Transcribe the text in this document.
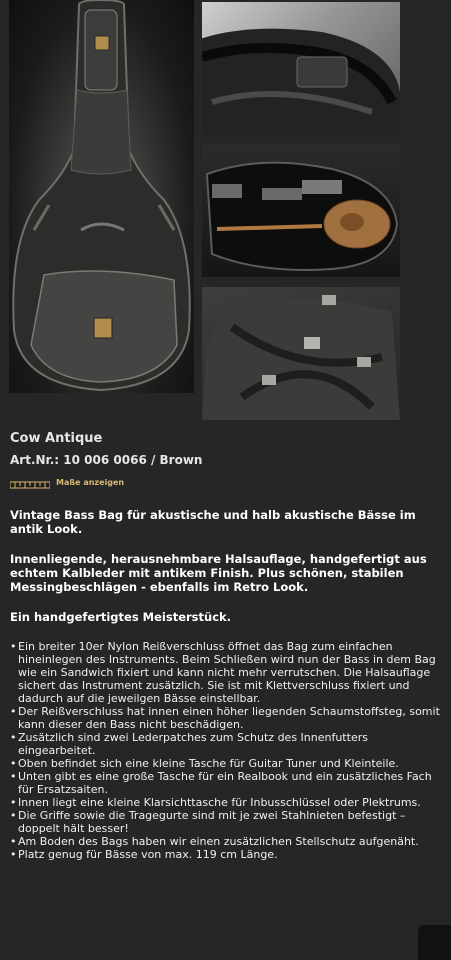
Cow Antique
Art.Nr.: 10 006 0066 / Brown
Maße anzeigen

Vintage Bass Bag für akustische und halb akustische Bässe im antik Look.

Innenliegende, herausnehmbare Halsauflage, handgefertigt aus echtem Kalbleder mit antikem Finish. Plus schönen, stabilen Messingbeschlägen - ebenfalls im Retro Look.

Ein handgefertigtes Meisterstück.

• Ein breiter 10er Nylon Reißverschluss öffnet das Bag zum einfachen hineinlegen des Instruments. Beim Schließen wird nun der Bass in dem Bag wie ein Sandwich fixiert und kann nicht mehr verrutschen. Die Halsauflage sichert das Instrument zusätzlich. Sie ist mit Klettverschluss fixiert und dadurch auf die jeweilgen Bässe einstellbar.
• Der Reißverschluss hat innen einen höher liegenden Schaumstoffsteg, somit kann dieser den Bass nicht beschädigen.
• Zusätzlich sind zwei Lederpatches zum Schutz des Innenfutters eingearbeitet.
• Oben befindet sich eine kleine Tasche für Guitar Tuner und Kleinteile.
• Unten gibt es eine große Tasche für ein Realbook und ein zusätzliches Fach für Ersatzsaiten.
• Innen liegt eine kleine Klarsichttasche für Inbusschlüssel oder Plektrums.
• Die Griffe sowie die Tragegurte sind mit je zwei Stahlnieten befestigt – doppelt hält besser!
• Am Boden des Bags haben wir einen zusätzlichen Stellschutz aufgenäht.
• Platz genug für Bässe von max. 119 cm Länge.
